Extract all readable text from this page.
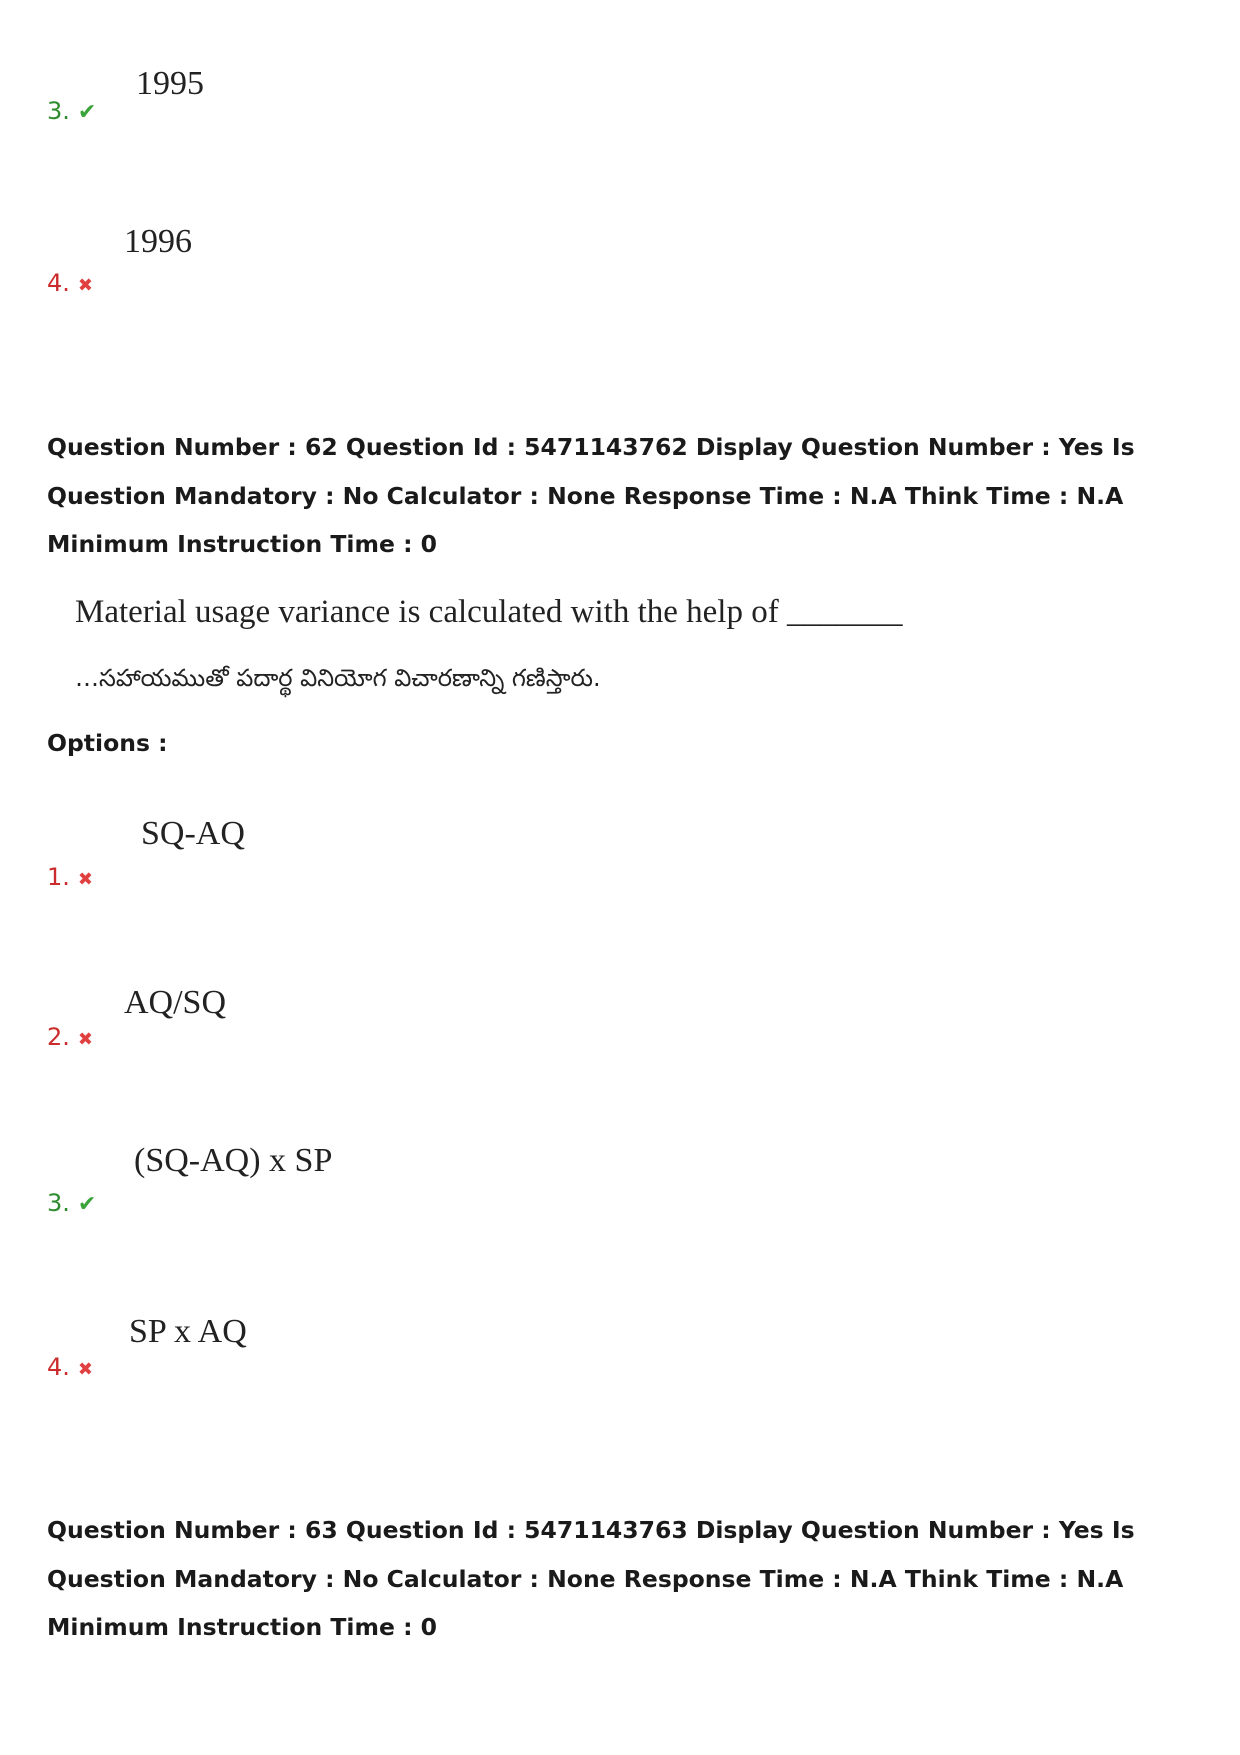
1995
3. ✔
1996
4. ✖
Question Number : 62 Question Id : 5471143762 Display Question Number : Yes Is Question Mandatory : No Calculator : None Response Time : N.A Think Time : N.A Minimum Instruction Time : 0
Material usage variance is calculated with the help of _______
…సహాయముతో పదార్థ వినియోగ విచారణాన్ని గణిస్తారు.
Options :
SQ-AQ
1. ✖
AQ/SQ
2. ✖
(SQ-AQ) x SP
3. ✔
SP x AQ
4. ✖
Question Number : 63 Question Id : 5471143763 Display Question Number : Yes Is Question Mandatory : No Calculator : None Response Time : N.A Think Time : N.A Minimum Instruction Time : 0
